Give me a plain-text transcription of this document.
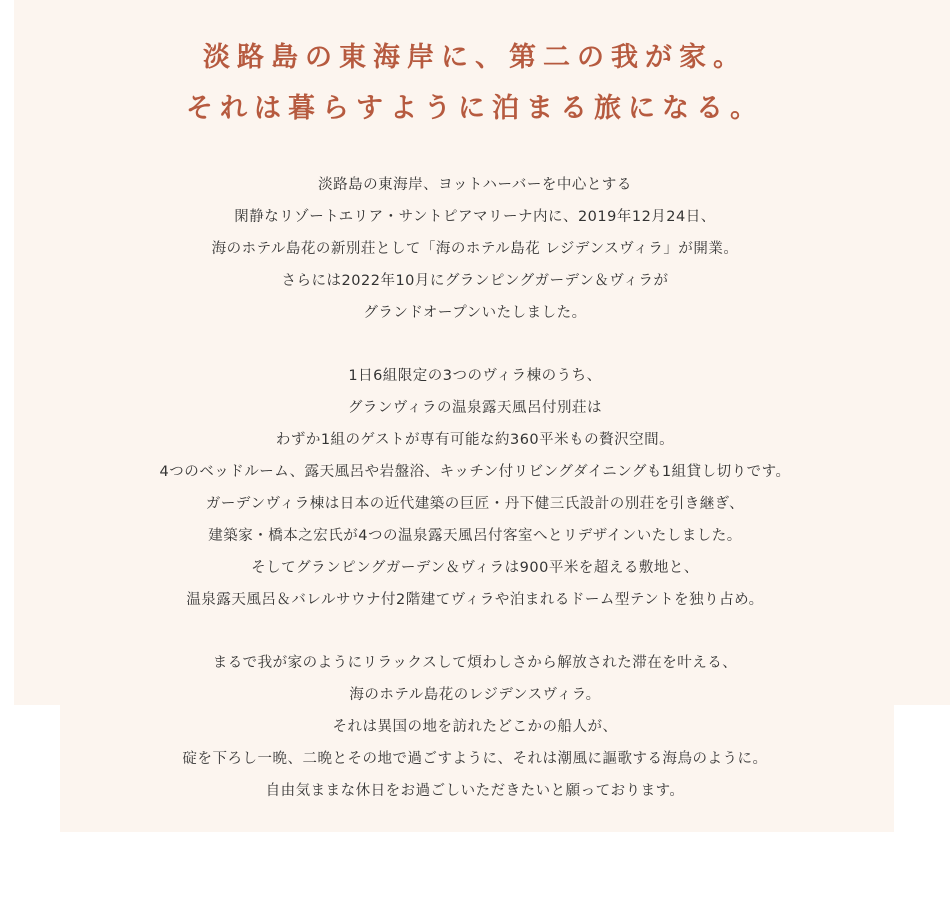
淡路島の東海岸に、第二の我が家。
それは暮らすように泊まる旅になる。
淡路島の東海岸、ヨットハーバーを中心とする
閑静なリゾートエリア・サントピアマリーナ内に、2019年12月24日、
海のホテル島花の新別荘として「海のホテル島花 レジデンスヴィラ」が開業。
さらには2022年10月にグランピングガーデン＆ヴィラが
グランドオープンいたしました。
1日6組限定の3つのヴィラ棟のうち、
グランヴィラの温泉露天風呂付別荘は
わずか1組のゲストが専有可能な約360平米もの贅沢空間。
4つのベッドルーム、露天風呂や岩盤浴、キッチン付リビングダイニングも1組貸し切りです。
ガーデンヴィラ棟は日本の近代建築の巨匠・丹下健三氏設計の別荘を引き継ぎ、
建築家・橋本之宏氏が4つの温泉露天風呂付客室へとリデザインいたしました。
そしてグランピングガーデン＆ヴィラは900平米を超える敷地と、
温泉露天風呂＆バレルサウナ付2階建てヴィラや泊まれるドーム型テントを独り占め。
まるで我が家のようにリラックスして煩わしさから解放された滞在を叶える、
海のホテル島花のレジデンスヴィラ。
それは異国の地を訪れたどこかの船人が、
碇を下ろし一晩、二晩とその地で過ごすように、それは潮風に謳歌する海鳥のように。
自由気ままな休日をお過ごしいただきたいと願っております。
